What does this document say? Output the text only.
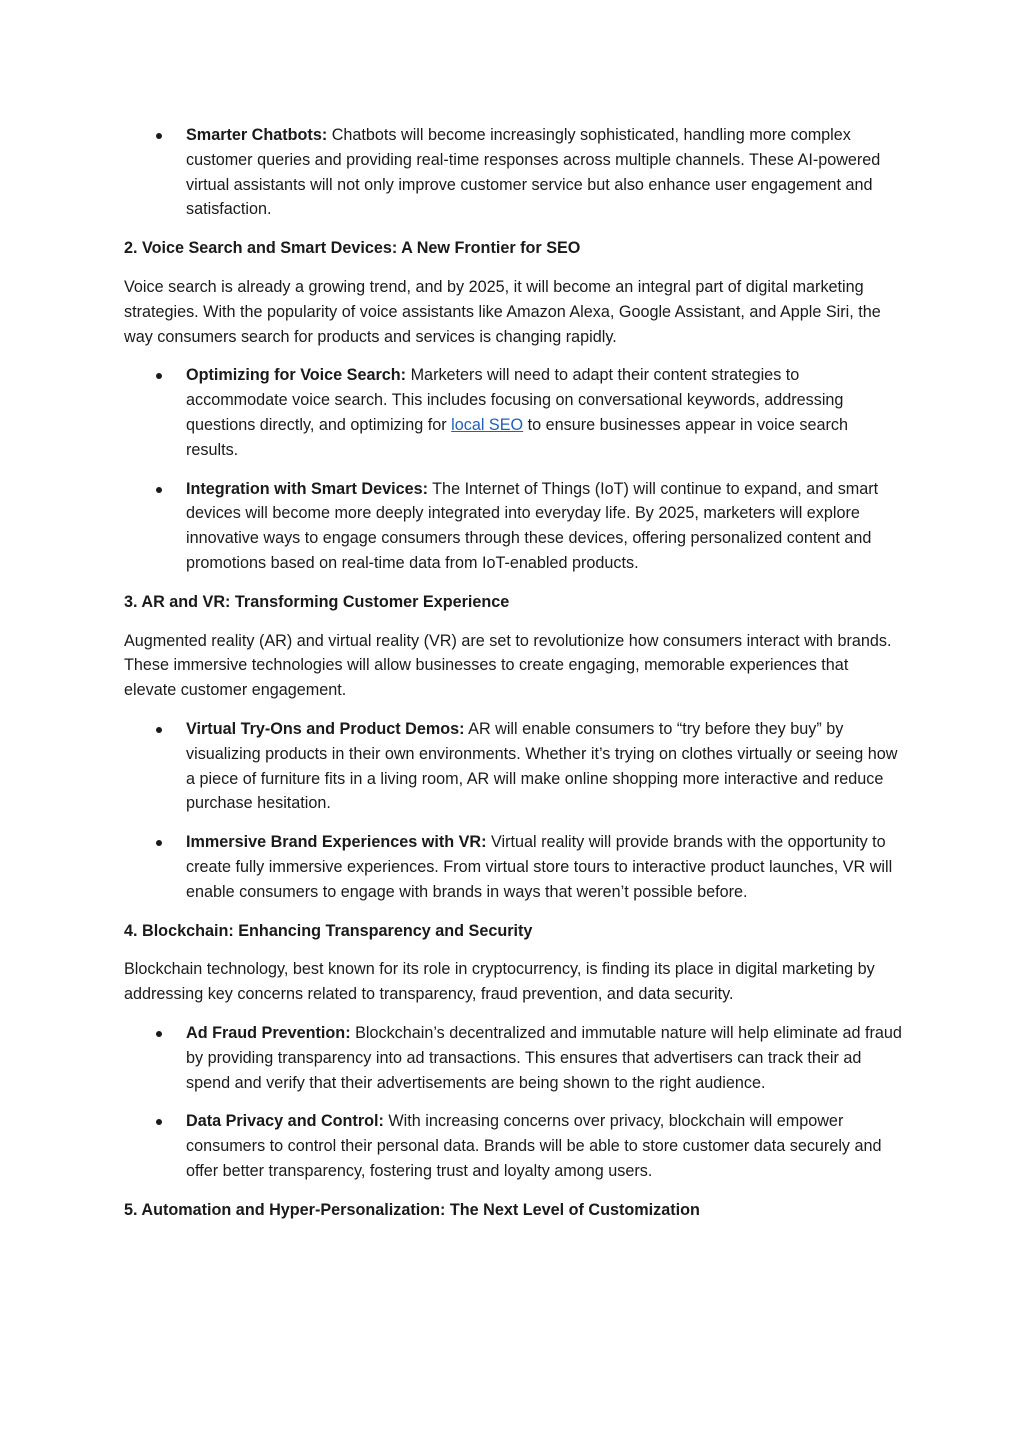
Smarter Chatbots: Chatbots will become increasingly sophisticated, handling more complex customer queries and providing real-time responses across multiple channels. These AI-powered virtual assistants will not only improve customer service but also enhance user engagement and satisfaction.
2. Voice Search and Smart Devices: A New Frontier for SEO

Voice search is already a growing trend, and by 2025, it will become an integral part of digital marketing strategies. With the popularity of voice assistants like Amazon Alexa, Google Assistant, and Apple Siri, the way consumers search for products and services is changing rapidly.

Optimizing for Voice Search: Marketers will need to adapt their content strategies to accommodate voice search. This includes focusing on conversational keywords, addressing questions directly, and optimizing for local SEO to ensure businesses appear in voice search results.
Integration with Smart Devices: The Internet of Things (IoT) will continue to expand, and smart devices will become more deeply integrated into everyday life. By 2025, marketers will explore innovative ways to engage consumers through these devices, offering personalized content and promotions based on real-time data from IoT-enabled products.
3. AR and VR: Transforming Customer Experience

Augmented reality (AR) and virtual reality (VR) are set to revolutionize how consumers interact with brands. These immersive technologies will allow businesses to create engaging, memorable experiences that elevate customer engagement.

Virtual Try-Ons and Product Demos: AR will enable consumers to “try before they buy” by visualizing products in their own environments. Whether it’s trying on clothes virtually or seeing how a piece of furniture fits in a living room, AR will make online shopping more interactive and reduce purchase hesitation.
Immersive Brand Experiences with VR: Virtual reality will provide brands with the opportunity to create fully immersive experiences. From virtual store tours to interactive product launches, VR will enable consumers to engage with brands in ways that weren’t possible before.
4. Blockchain: Enhancing Transparency and Security

Blockchain technology, best known for its role in cryptocurrency, is finding its place in digital marketing by addressing key concerns related to transparency, fraud prevention, and data security.

Ad Fraud Prevention: Blockchain’s decentralized and immutable nature will help eliminate ad fraud by providing transparency into ad transactions. This ensures that advertisers can track their ad spend and verify that their advertisements are being shown to the right audience.
Data Privacy and Control: With increasing concerns over privacy, blockchain will empower consumers to control their personal data. Brands will be able to store customer data securely and offer better transparency, fostering trust and loyalty among users.
5. Automation and Hyper-Personalization: The Next Level of Customization
